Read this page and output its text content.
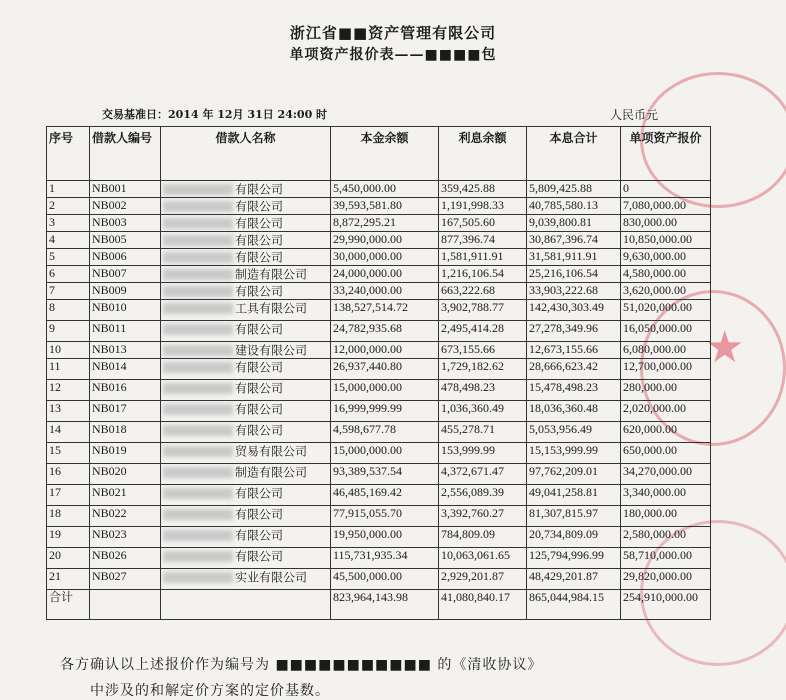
★
浙江省■■资产管理有限公司
单项资产报价表——■■■■包
交易基准日：2014 年 12月 31日 24:00 时	人民币元
序号	借款人编号	借款人名称	本金余额	利息余额	本息合计	单项资产报价
1	NB001	有限公司	5,450,000.00	359,425.88	5,809,425.88	0
2	NB002	有限公司	39,593,581.80	1,191,998.33	40,785,580.13	7,080,000.00
3	NB003	有限公司	8,872,295.21	167,505.60	9,039,800.81	830,000.00
4	NB005	有限公司	29,990,000.00	877,396.74	30,867,396.74	10,850,000.00
5	NB006	有限公司	30,000,000.00	1,581,911.91	31,581,911.91	9,630,000.00
6	NB007	制造有限公司	24,000,000.00	1,216,106.54	25,216,106.54	4,580,000.00
7	NB009	有限公司	33,240,000.00	663,222.68	33,903,222.68	3,620,000.00
8	NB010	工具有限公司	138,527,514.72	3,902,788.77	142,430,303.49	51,020,000.00
9	NB011	有限公司	24,782,935.68	2,495,414.28	27,278,349.96	16,050,000.00
10	NB013	建设有限公司	12,000,000.00	673,155.66	12,673,155.66	6,080,000.00
11	NB014	有限公司	26,937,440.80	1,729,182.62	28,666,623.42	12,700,000.00
12	NB016	有限公司	15,000,000.00	478,498.23	15,478,498.23	280,000.00
13	NB017	有限公司	16,999,999.99	1,036,360.49	18,036,360.48	2,020,000.00
14	NB018	有限公司	4,598,677.78	455,278.71	5,053,956.49	620,000.00
15	NB019	贸易有限公司	15,000,000.00	153,999.99	15,153,999.99	650,000.00
16	NB020	制造有限公司	93,389,537.54	4,372,671.47	97,762,209.01	34,270,000.00
17	NB021	有限公司	46,485,169.42	2,556,089.39	49,041,258.81	3,340,000.00
18	NB022	有限公司	77,915,055.70	3,392,760.27	81,307,815.97	180,000.00
19	NB023	有限公司	19,950,000.00	784,809.09	20,734,809.09	2,580,000.00
20	NB026	有限公司	115,731,935.34	10,063,061.65	125,794,996.99	58,710,000.00
21	NB027	实业有限公司	45,500,000.00	2,929,201.87	48,429,201.87	29,820,000.00
合计			823,964,143.98	41,080,840.17	865,044,984.15	254,910,000.00
各方确认以上述报价作为编号为 ■■■■■■■■■■■ 的《清收协议》
中涉及的和解定价方案的定价基数。
